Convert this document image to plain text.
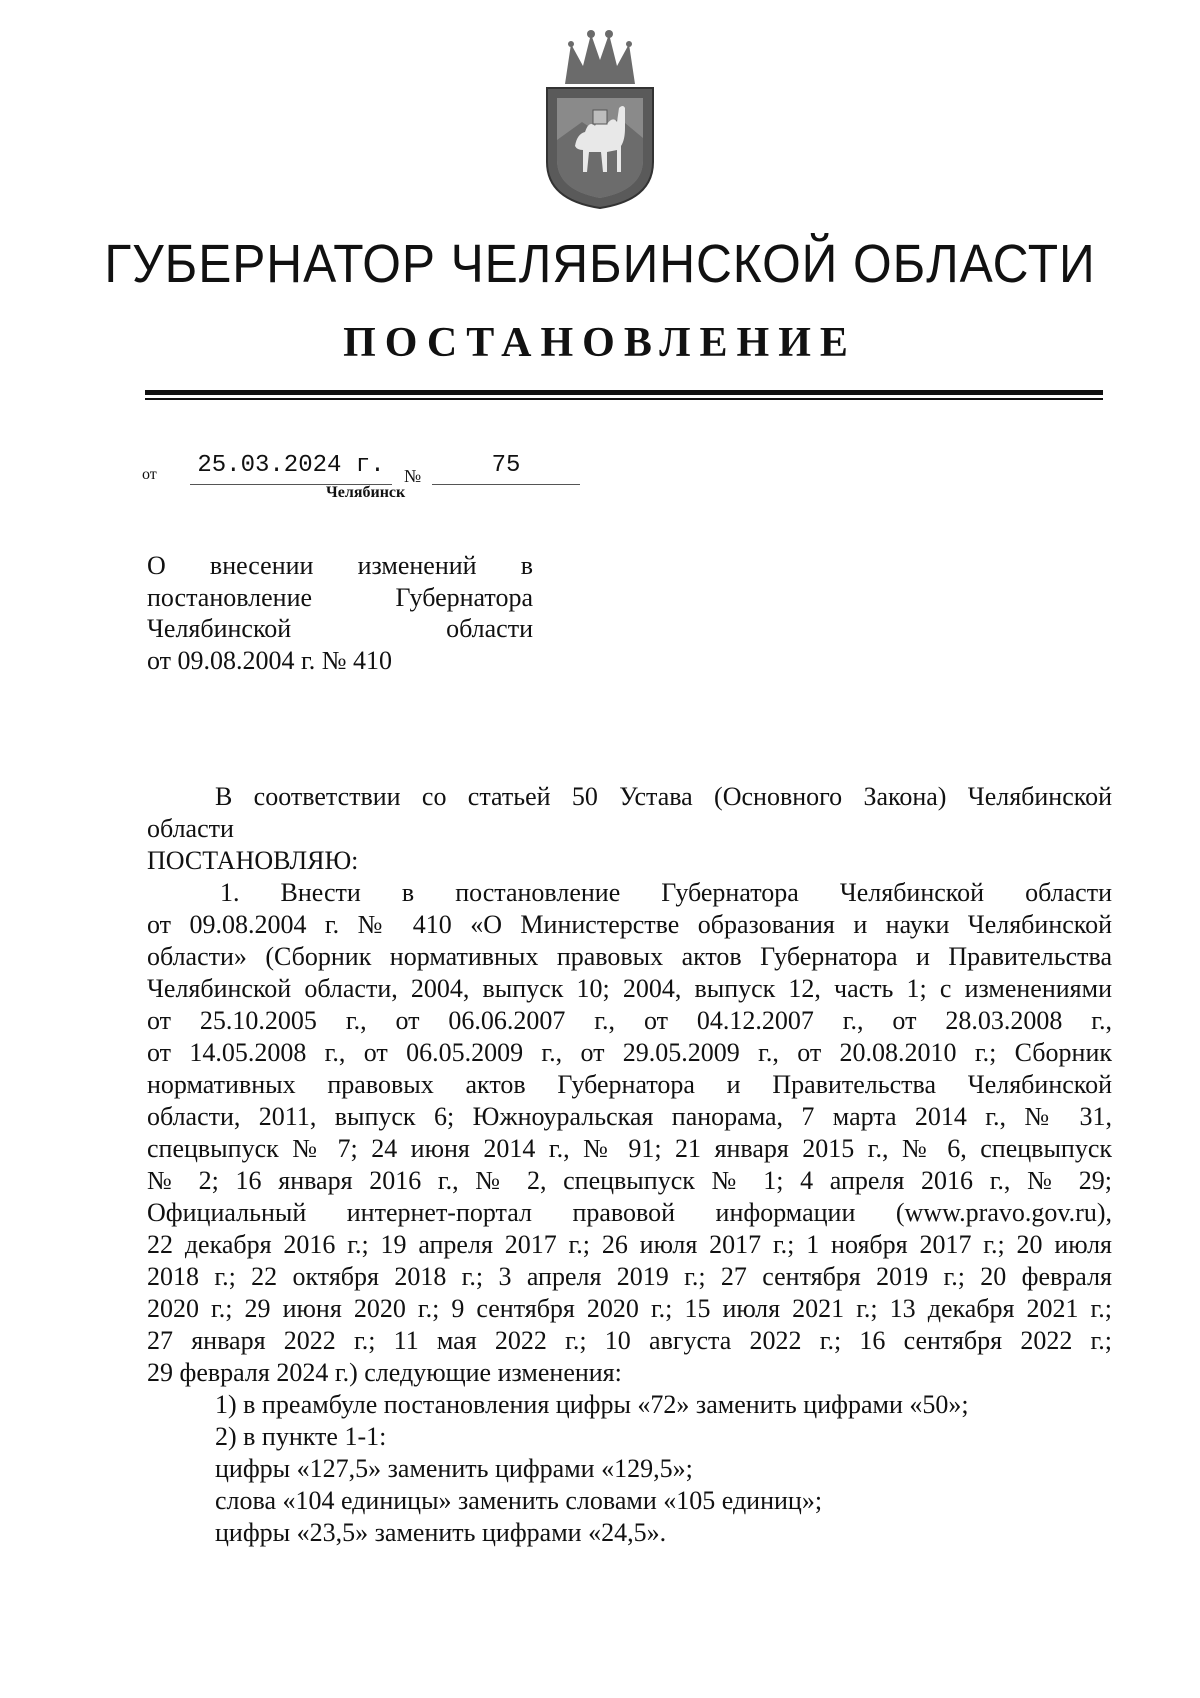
ГУБЕРНАТОР ЧЕЛЯБИНСКОЙ ОБЛАСТИ
ПОСТАНОВЛЕНИЕ
от	25.03.2024 г.	№	75
Челябинск
О внесении изменений в
постановление Губернатора
Челябинской области
от 09.08.2004 г. № 410
В соответствии со статьей 50 Устава (Основного Закона) Челябинской
области
ПОСТАНОВЛЯЮ:
1. Внести в постановление Губернатора Челябинской области
от 09.08.2004 г. № 410 «О Министерстве образования и науки Челябинской
области» (Сборник нормативных правовых актов Губернатора и Правительства
Челябинской области, 2004, выпуск 10; 2004, выпуск 12, часть 1; с изменениями
от 25.10.2005 г., от 06.06.2007 г., от 04.12.2007 г., от 28.03.2008 г.,
от 14.05.2008 г., от 06.05.2009 г., от 29.05.2009 г., от 20.08.2010 г.; Сборник
нормативных правовых актов Губернатора и Правительства Челябинской
области, 2011, выпуск 6; Южноуральская панорама, 7 марта 2014 г., № 31,
спецвыпуск № 7; 24 июня 2014 г., № 91; 21 января 2015 г., № 6, спецвыпуск
№ 2; 16 января 2016 г., № 2, спецвыпуск № 1; 4 апреля 2016 г., № 29;
Официальный интернет-портал правовой информации (www.pravo.gov.ru),
22 декабря 2016 г.; 19 апреля 2017 г.; 26 июля 2017 г.; 1 ноября 2017 г.; 20 июля
2018 г.; 22 октября 2018 г.; 3 апреля 2019 г.; 27 сентября 2019 г.; 20 февраля
2020 г.; 29 июня 2020 г.; 9 сентября 2020 г.; 15 июля 2021 г.; 13 декабря 2021 г.;
27 января 2022 г.; 11 мая 2022 г.; 10 августа 2022 г.; 16 сентября 2022 г.;
29 февраля 2024 г.) следующие изменения:
1) в преамбуле постановления цифры «72» заменить цифрами «50»;
2) в пункте 1-1:
цифры «127,5» заменить цифрами «129,5»;
слова «104 единицы» заменить словами «105 единиц»;
цифры «23,5» заменить цифрами «24,5».
